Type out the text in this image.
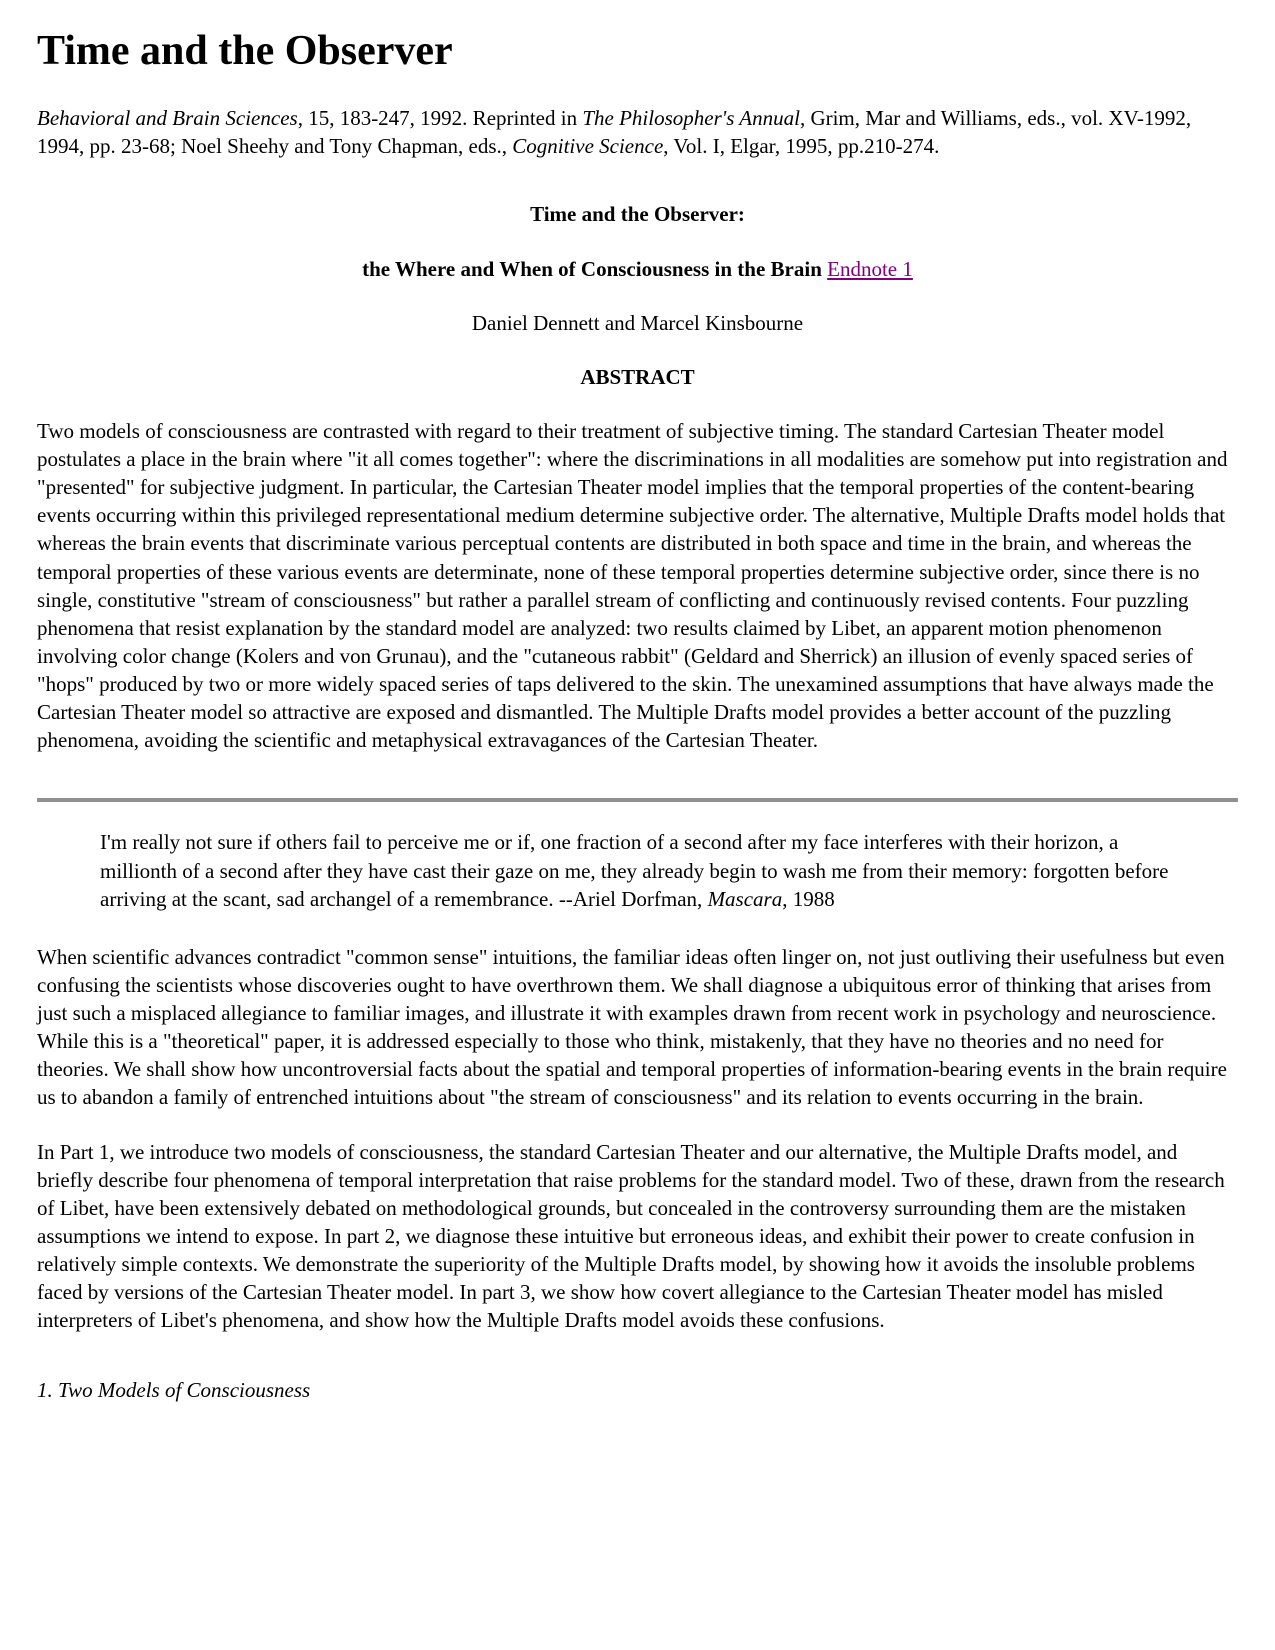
Time and the Observer

Behavioral and Brain Sciences, 15, 183-247, 1992. Reprinted in The Philosopher's Annual, Grim, Mar and Williams, eds., vol. XV-1992, 1994, pp. 23-68; Noel Sheehy and Tony Chapman, eds., Cognitive Science, Vol. I, Elgar, 1995, pp.210-274.

Time and the Observer:

the Where and When of Consciousness in the Brain Endnote 1

Daniel Dennett and Marcel Kinsbourne

ABSTRACT

Two models of consciousness are contrasted with regard to their treatment of subjective timing. The standard Cartesian Theater model postulates a place in the brain where "it all comes together": where the discriminations in all modalities are somehow put into registration and "presented" for subjective judgment. In particular, the Cartesian Theater model implies that the temporal properties of the content-bearing events occurring within this privileged representational medium determine subjective order. The alternative, Multiple Drafts model holds that whereas the brain events that discriminate various perceptual contents are distributed in both space and time in the brain, and whereas the temporal properties of these various events are determinate, none of these temporal properties determine subjective order, since there is no single, constitutive "stream of consciousness" but rather a parallel stream of conflicting and continuously revised contents. Four puzzling phenomena that resist explanation by the standard model are analyzed: two results claimed by Libet, an apparent motion phenomenon involving color change (Kolers and von Grunau), and the "cutaneous rabbit" (Geldard and Sherrick) an illusion of evenly spaced series of "hops" produced by two or more widely spaced series of taps delivered to the skin. The unexamined assumptions that have always made the Cartesian Theater model so attractive are exposed and dismantled. The Multiple Drafts model provides a better account of the puzzling phenomena, avoiding the scientific and metaphysical extravagances of the Cartesian Theater.

I'm really not sure if others fail to perceive me or if, one fraction of a second after my face interferes with their horizon, a millionth of a second after they have cast their gaze on me, they already begin to wash me from their memory: forgotten before arriving at the scant, sad archangel of a remembrance. --Ariel Dorfman, Mascara, 1988

When scientific advances contradict "common sense" intuitions, the familiar ideas often linger on, not just outliving their usefulness but even confusing the scientists whose discoveries ought to have overthrown them. We shall diagnose a ubiquitous error of thinking that arises from just such a misplaced allegiance to familiar images, and illustrate it with examples drawn from recent work in psychology and neuroscience. While this is a "theoretical" paper, it is addressed especially to those who think, mistakenly, that they have no theories and no need for theories. We shall show how uncontroversial facts about the spatial and temporal properties of information-bearing events in the brain require us to abandon a family of entrenched intuitions about "the stream of consciousness" and its relation to events occurring in the brain.

In Part 1, we introduce two models of consciousness, the standard Cartesian Theater and our alternative, the Multiple Drafts model, and briefly describe four phenomena of temporal interpretation that raise problems for the standard model. Two of these, drawn from the research of Libet, have been extensively debated on methodological grounds, but concealed in the controversy surrounding them are the mistaken assumptions we intend to expose. In part 2, we diagnose these intuitive but erroneous ideas, and exhibit their power to create confusion in relatively simple contexts. We demonstrate the superiority of the Multiple Drafts model, by showing how it avoids the insoluble problems faced by versions of the Cartesian Theater model. In part 3, we show how covert allegiance to the Cartesian Theater model has misled interpreters of Libet's phenomena, and show how the Multiple Drafts model avoids these confusions.

1. Two Models of Consciousness
